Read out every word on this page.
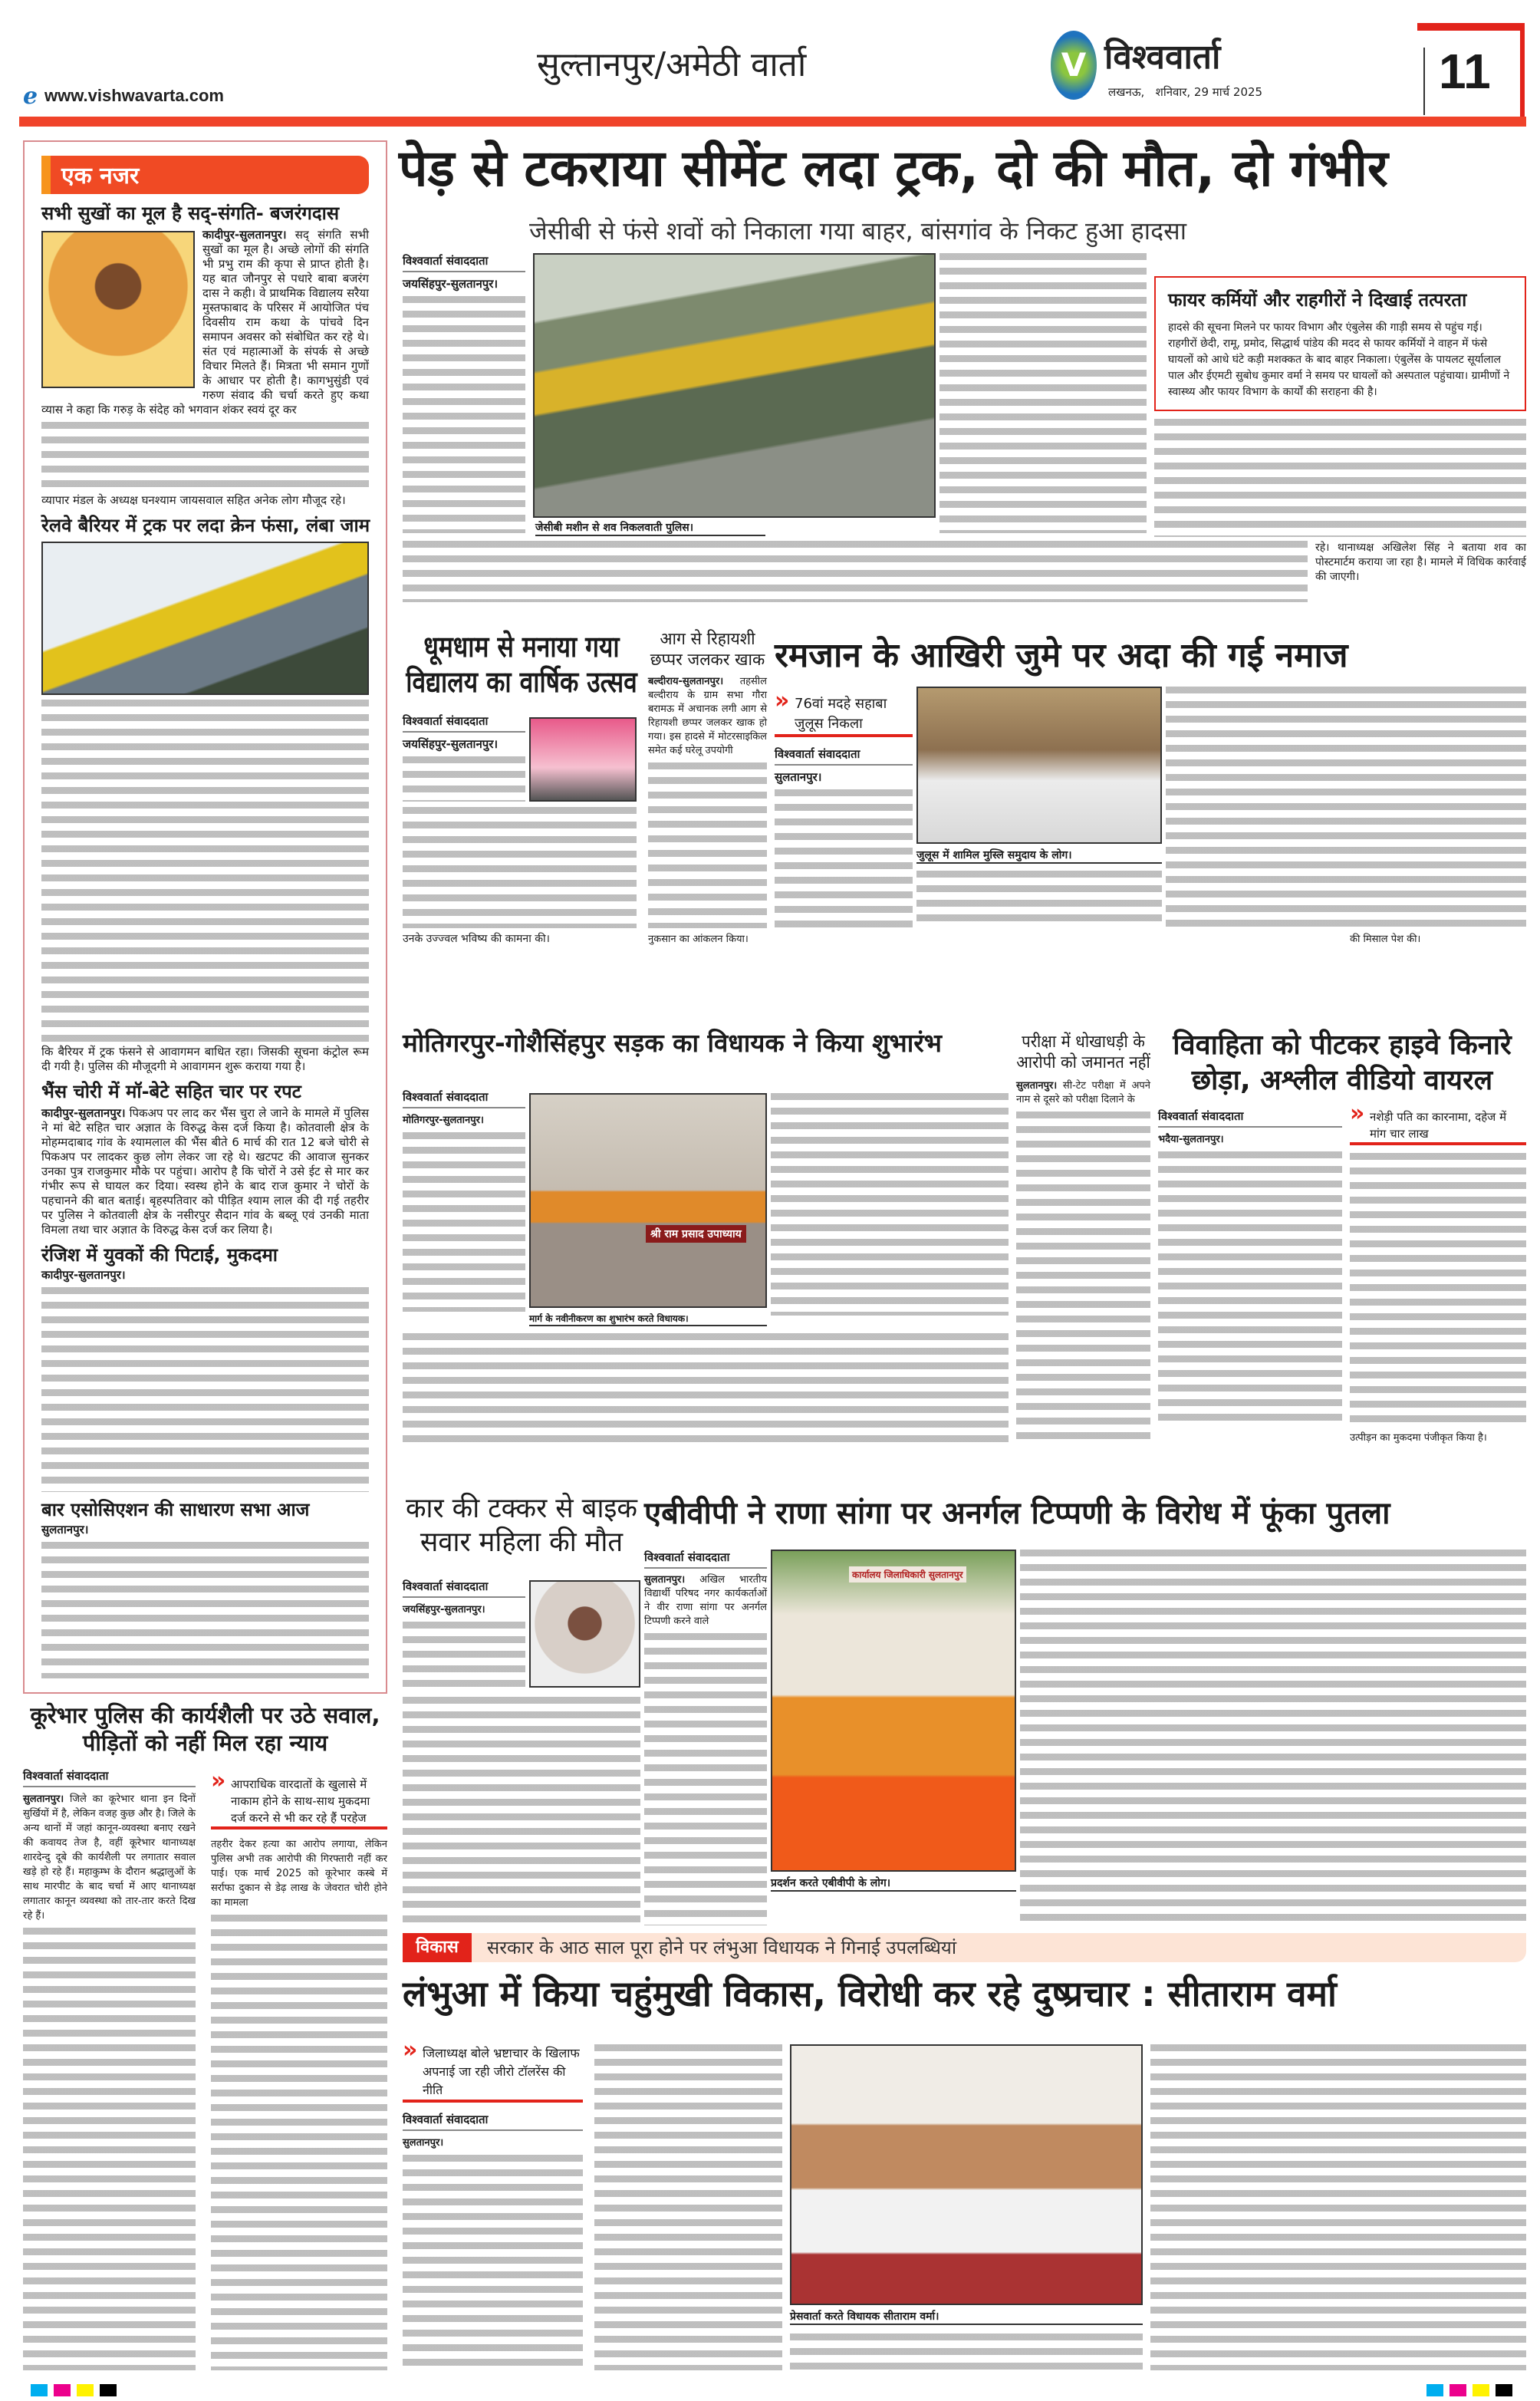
e www.vishwavarta.com
सुल्तानपुर/अमेठी वार्ता	V विश्ववार्ता
लखनऊ,   शनिवार, 29 मार्च 2025	11
एक नजर
सभी सुखों का मूल है सद्-संगति- बजरंगदास
कादीपुर-सुलतानपुर। सद् संगति सभी सुखों का मूल है। अच्छे लोगों की संगति भी प्रभु राम की कृपा से प्राप्त होती है। यह बात जौनपुर से पधारे बाबा बजरंग दास ने कही। वे प्राथमिक विद्यालय सरैया मुस्तफाबाद के परिसर में आयोजित पंच दिवसीय राम कथा के पांचवे दिन समापन अवसर को संबोधित कर रहे थे। संत एवं महात्माओं के संपर्क से अच्छे विचार मिलते हैं। मित्रता भी समान गुणों के आधार पर होती है। कागभुसुंडी एवं गरुण संवाद की चर्चा करते हुए कथा व्यास ने कहा कि गरुड़ के संदेह को भगवान शंकर स्वयं दूर कर
व्यापार मंडल के अध्यक्ष घनश्याम जायसवाल सहित अनेक लोग मौजूद रहे।
रेलवे बैरियर में ट्रक पर लदा क्रेन फंसा, लंबा जाम
कि बैरियर में ट्रक फंसने से आवागमन बाधित रहा। जिसकी सूचना कंट्रोल रूम दी गयी है। पुलिस की मौजूदगी मे आवागमन शुरू कराया गया है।
भैंस चोरी में मॉ-बेटे सहित चार पर रपट
कादीपुर-सुलतानपुर। पिकअप पर लाद कर भैंस चुरा ले जाने के मामले में पुलिस ने मां बेटे सहित चार अज्ञात के विरुद्ध केस दर्ज किया है। कोतवाली क्षेत्र के मोहम्मदाबाद गांव के श्यामलाल की भैंस बीते 6 मार्च की रात 12 बजे चोरी से पिकअप पर लादकर कुछ लोग लेकर जा रहे थे। खटपट की आवाज सुनकर उनका पुत्र राजकुमार मौके पर पहुंचा। आरोप है कि चोरों ने उसे ईट से मार कर गंभीर रूप से घायल कर दिया। स्वस्थ होने के बाद राज कुमार ने चोरों के पहचानने की बात बताई। बृहस्पतिवार को पीड़ित श्याम लाल की दी गई तहरीर पर पुलिस ने कोतवाली क्षेत्र के नसीरपुर सैदान गांव के बब्लू एवं उनकी माता विमला तथा चार अज्ञात के विरुद्ध केस दर्ज कर लिया है।
रंजिश में युवकों की पिटाई, मुकदमा
कादीपुर-सुलतानपुर।
बार एसोसिएशन की साधारण सभा आज
सुलतानपुर।
पेड़ से टकराया सीमेंट लदा ट्रक, दो की मौत, दो गंभीर
जेसीबी से फंसे शवों को निकाला गया बाहर, बांसगांव के निकट हुआ हादसा
विश्ववार्ता संवाददाता
जयसिंहपुर-सुलतानपुर।
जेसीबी मशीन से शव निकलवाती पुलिस।
फायर कर्मियों और राहगीरों ने दिखाई तत्परता
हादसे की सूचना मिलने पर फायर विभाग और एंबुलेस की गाड़ी समय से पहुंच गई। राहगीरों छेदी, रामू, प्रमोद, सिद्धार्थ पांडेय की मदद से फायर कर्मियों ने वाहन में फंसे घायलों को आधे घंटे कड़ी मशक्कत के बाद बाहर निकाला। एंबुलेंस के पायलट सूर्यालाल पाल और ईएमटी सुबोध कुमार वर्मा ने समय पर घायलों को अस्पताल पहुंचाया। ग्रामीणों ने स्वास्थ्य और फायर विभाग के कार्यों की सराहना की है।
रहे। थानाध्यक्ष अखिलेश सिंह ने बताया शव का पोस्टमार्टम कराया जा रहा है। मामले में विधिक कार्रवाई की जाएगी।
धूमधाम से मनाया गया विद्यालय का वार्षिक उत्सव
विश्ववार्ता संवाददाता
जयसिंहपुर-सुलतानपुर।
उनके उज्ज्वल भविष्य की कामना की।
आग से रिहायशी छप्पर जलकर खाक
बल्दीराय-सुलतानपुर। तहसील बल्दीराय के ग्राम सभा गौरा बरामऊ में अचानक लगी आग से रिहायशी छप्पर जलकर खाक हो गया। इस हादसे में मोटरसाइकिल समेत कई घरेलू उपयोगी
नुकसान का आंकलन किया।
रमजान के आखिरी जुमे पर अदा की गई नमाज
» 76वां मदहे सहाबा जुलूस निकला
विश्ववार्ता संवाददाता
सुलतानपुर।
जुलूस में शामिल मुस्लि समुदाय के लोग।
की मिसाल पेश की।
मोतिगरपुर-गोशैसिंहपुर सड़क का विधायक ने किया शुभारंभ
विश्ववार्ता संवाददाता
मोतिगरपुर-सुलतानपुर।
श्री राम प्रसाद उपाध्याय
मार्ग के नवीनीकरण का शुभारंभ करते विधायक।
परीक्षा में धोखाधड़ी के आरोपी को जमानत नहीं
सुलतानपुर। सी-टेट परीक्षा में अपने नाम से दूसरे को परीक्षा दिलाने के
विवाहिता को पीटकर हाइवे किनारे छोड़ा, अश्लील वीडियो वायरल
विश्ववार्ता संवाददाता
भदैया-सुलतानपुर।
» नशेड़ी पति का कारनामा, दहेज में मांग चार लाख
उत्पीड़न का मुकदमा पंजीकृत किया है।
कार की टक्कर से बाइक सवार महिला की मौत
विश्ववार्ता संवाददाता
जयसिंहपुर-सुलतानपुर।
एबीवीपी ने राणा सांगा पर अनर्गल टिप्पणी के विरोध में फूंका पुतला
विश्ववार्ता संवाददाता
सुलतानपुर। अखिल भारतीय विद्यार्थी परिषद नगर कार्यकर्ताओं ने वीर राणा सांगा पर अनर्गल टिप्पणी करने वाले
कार्यालय जिलाधिकारी सुलतानपुर
प्रदर्शन करते एबीवीपी के लोग।
कूरेभार पुलिस की कार्यशैली पर उठे सवाल, पीड़ितों को नहीं मिल रहा न्याय
विश्ववार्ता संवाददाता
सुलतानपुर। जिले का कूरेभार थाना इन दिनों सुर्खियों में है, लेकिन वजह कुछ और है। जिले के अन्य थानों में जहां कानून-व्यवस्था बनाए रखने की कवायद तेज है, वहीं कूरेभार थानाध्यक्ष शारदेन्दु दूबे की कार्यशैली पर लगातार सवाल खड़े हो रहे हैं। महाकुम्भ के दौरान श्रद्धालुओं के साथ मारपीट के बाद चर्चा में आए थानाध्यक्ष लगातार कानून व्यवस्था को तार-तार करते दिख रहे हैं।
» आपराधिक वारदातों के खुलासे में नाकाम होने के साथ-साथ मुकदमा दर्ज करने से भी कर रहे हैं परहेज
तहरीर देकर हत्या का आरोप लगाया, लेकिन पुलिस अभी तक आरोपी की गिरफ्तारी नहीं कर पाई। एक मार्च 2025 को कूरेभार कस्बे में सर्राफा दुकान से डेढ़ लाख के जेवरात चोरी होने का मामला
विकास	सरकार के आठ साल पूरा होने पर लंभुआ विधायक ने गिनाई उपलब्धियां
लंभुआ में किया चहुंमुखी विकास, विरोधी कर रहे दुष्प्रचार : सीताराम वर्मा
» जिलाध्यक्ष बोले भ्रष्टाचार के खिलाफ अपनाई जा रही जीरो टॉलरेंस की नीति
विश्ववार्ता संवाददाता
सुलतानपुर।
प्रेसवार्ता करते विधायक सीताराम वर्मा।
